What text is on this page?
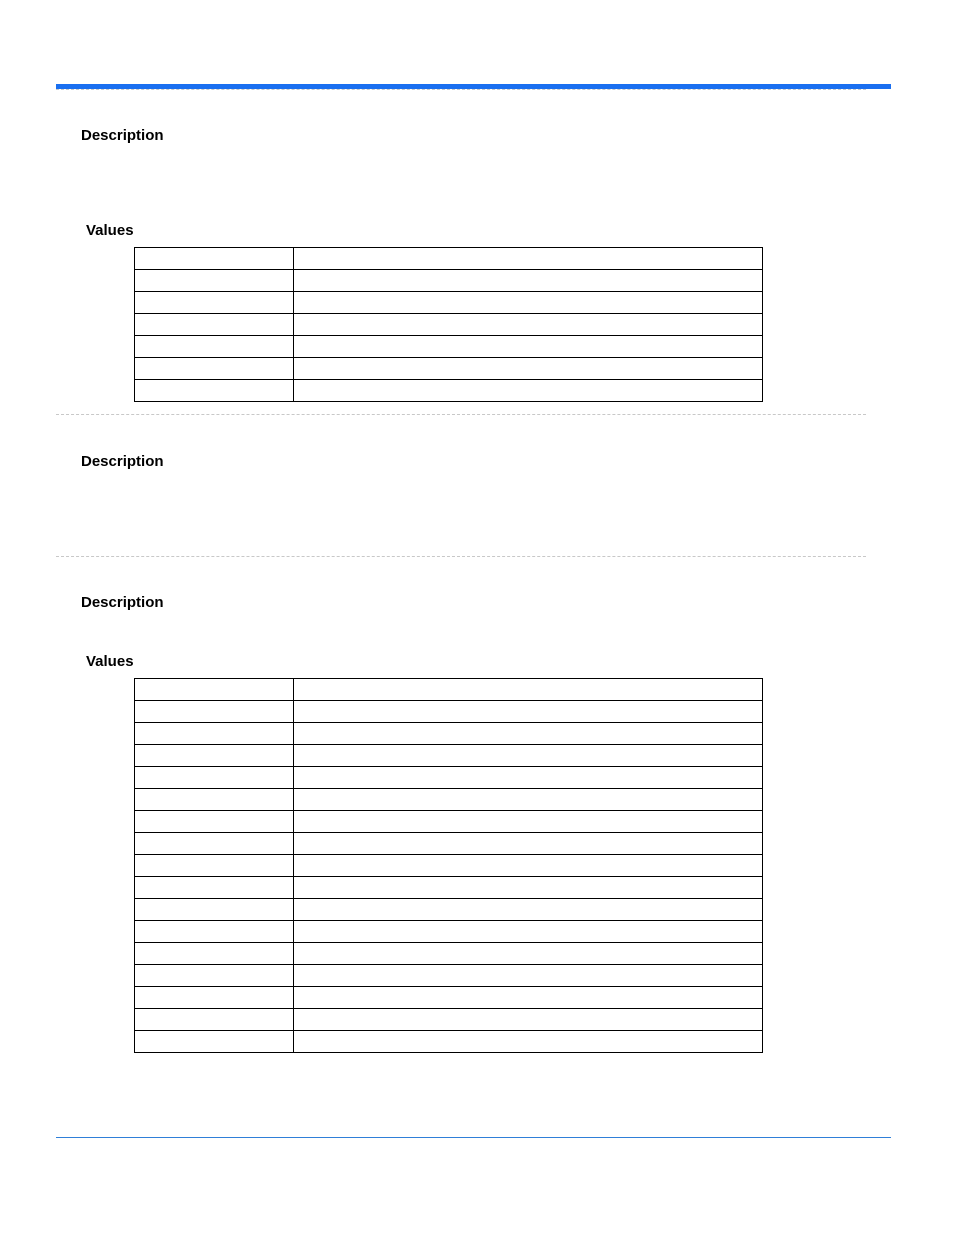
Description
Values

Description
Description
Values
